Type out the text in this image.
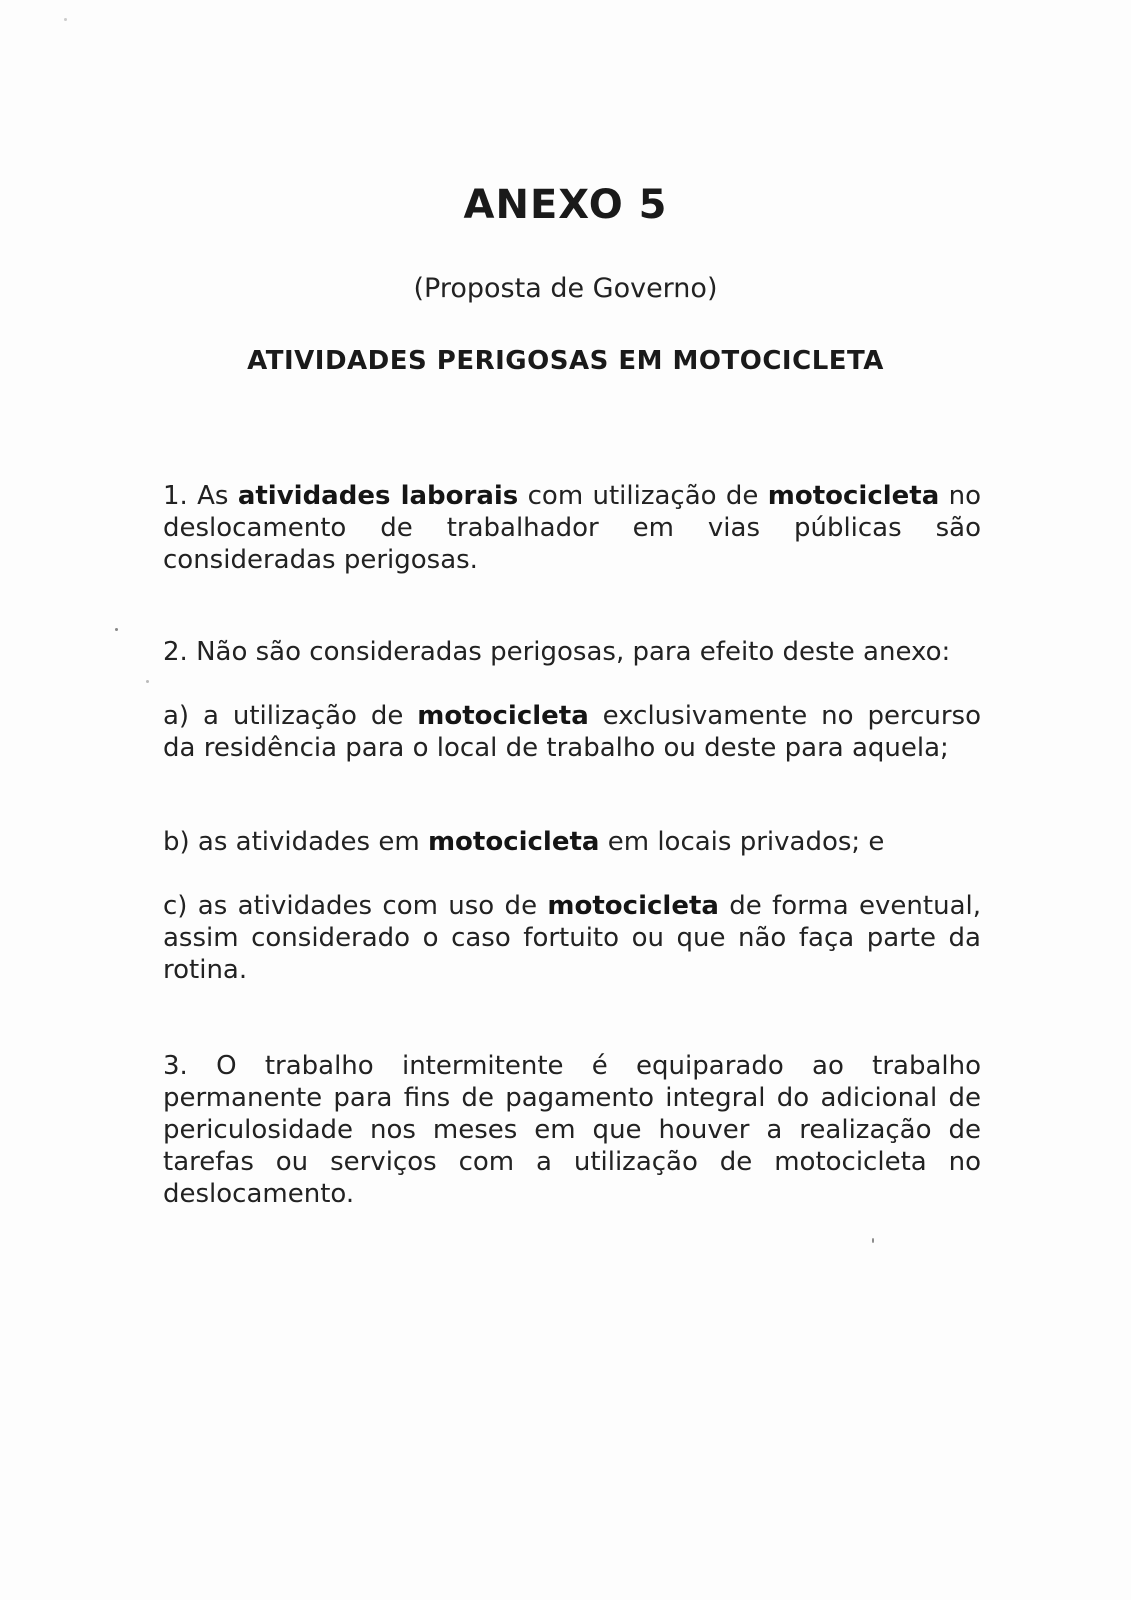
ANEXO 5

(Proposta de Governo)

ATIVIDADES PERIGOSAS EM MOTOCICLETA

1. As atividades laborais com utilização de motocicleta no deslocamento de trabalhador em vias públicas são consideradas perigosas.

2. Não são consideradas perigosas, para efeito deste anexo:

a) a utilização de motocicleta exclusivamente no percurso da residência para o local de trabalho ou deste para aquela;

b) as atividades em motocicleta em locais privados; e

c) as atividades com uso de motocicleta de forma eventual, assim considerado o caso fortuito ou que não faça parte da rotina.

3. O trabalho intermitente é equiparado ao trabalho permanente para fins de pagamento integral do adicional de periculosidade nos meses em que houver a realização de tarefas ou serviços com a utilização de motocicleta no deslocamento.
